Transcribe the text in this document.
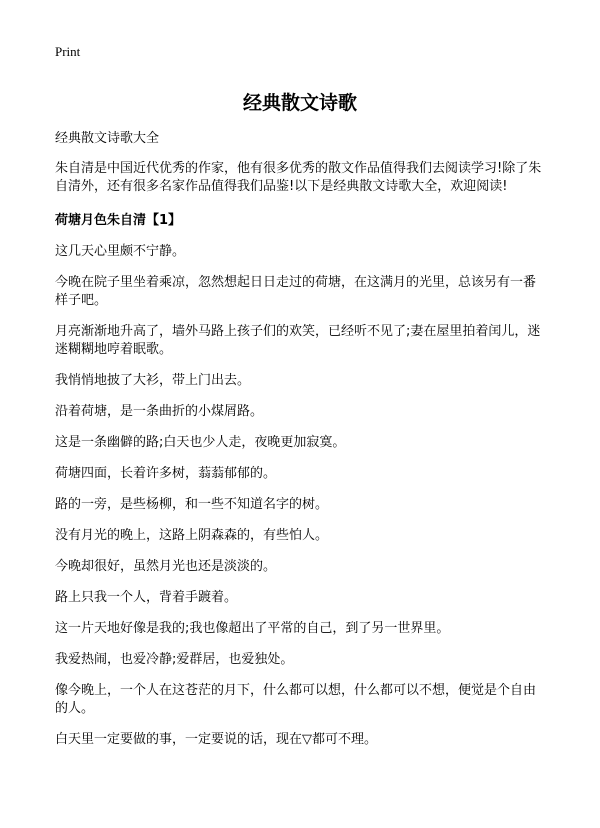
Print
经典散文诗歌

经典散文诗歌大全

朱自清是中国近代优秀的作家，他有很多优秀的散文作品值得我们去阅读学习!除了朱自清外，还有很多名家作品值得我们品鉴!以下是经典散文诗歌大全，欢迎阅读!

荷塘月色朱自清【1】

这几天心里颇不宁静。

今晚在院子里坐着乘凉，忽然想起日日走过的荷塘，在这满月的光里，总该另有一番样子吧。

月亮渐渐地升高了，墙外马路上孩子们的欢笑，已经听不见了;妻在屋里拍着闰儿，迷迷糊糊地哼着眠歌。

我悄悄地披了大衫，带上门出去。

沿着荷塘，是一条曲折的小煤屑路。

这是一条幽僻的路;白天也少人走，夜晚更加寂寞。

荷塘四面，长着许多树，蓊蓊郁郁的。

路的一旁，是些杨柳，和一些不知道名字的树。

没有月光的晚上，这路上阴森森的，有些怕人。

今晚却很好，虽然月光也还是淡淡的。

路上只我一个人，背着手踱着。

这一片天地好像是我的;我也像超出了平常的自己，到了另一世界里。

我爱热闹，也爱冷静;爱群居，也爱独处。

像今晚上，一个人在这苍茫的月下，什么都可以想，什么都可以不想，便觉是个自由的人。

白天里一定要做的事，一定要说的话，现在▽都可不理。
